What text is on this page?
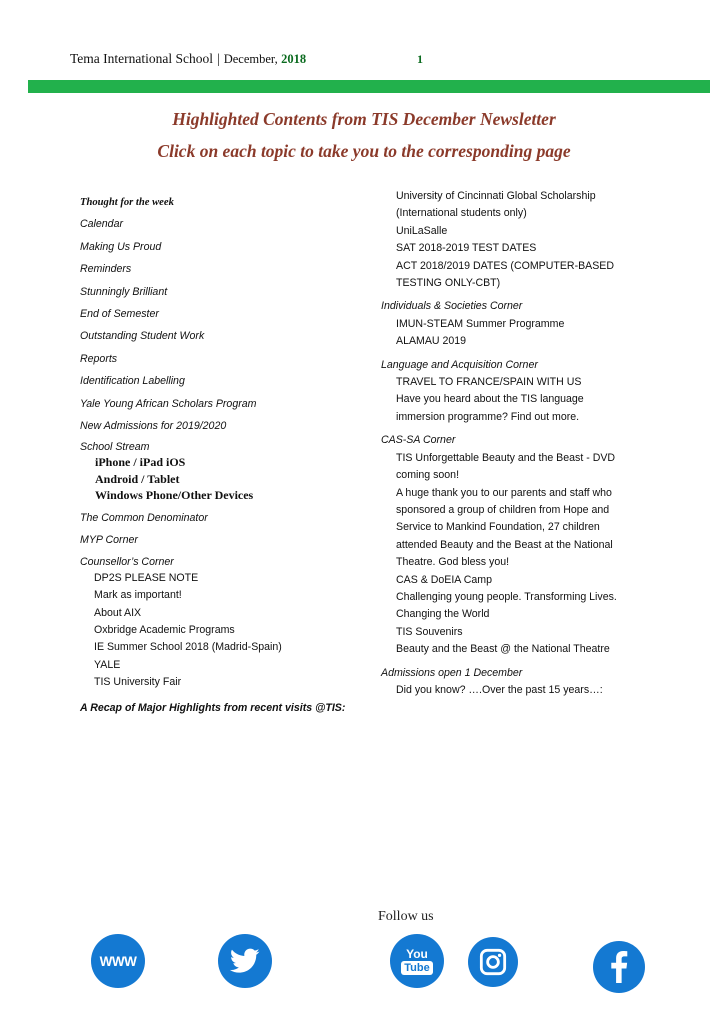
Tema International School | December, 2018	1
Highlighted Contents from TIS December Newsletter
Click on each topic to take you to the corresponding page
Thought for the week
Calendar
Making Us Proud
Reminders
Stunningly Brilliant
End of Semester
Outstanding Student Work
Reports
Identification Labelling
Yale Young African Scholars Program
New Admissions for 2019/2020
School Stream
iPhone / iPad iOS
Android / Tablet
Windows Phone/Other Devices
The Common Denominator
MYP Corner
Counsellor’s Corner
DP2S PLEASE NOTE
Mark as important!
About AIX
Oxbridge Academic Programs
IE Summer School 2018 (Madrid-Spain)
YALE
TIS University Fair
A Recap of Major Highlights from recent visits @TIS:
University of Cincinnati Global Scholarship
(International students only)
UniLaSalle
SAT 2018-2019 TEST DATES
ACT 2018/2019 DATES (COMPUTER-BASED
TESTING ONLY-CBT)
Individuals & Societies Corner
IMUN-STEAM Summer Programme
ALAMAU 2019
Language and Acquisition Corner
TRAVEL TO FRANCE/SPAIN WITH US
Have you heard about the TIS language
immersion programme? Find out more.
CAS-SA Corner
TIS Unforgettable Beauty and the Beast - DVD
coming soon!
A huge thank you to our parents and staff who
sponsored a group of children from Hope and
Service to Mankind Foundation, 27 children
attended Beauty and the Beast at the National
Theatre. God bless you!
CAS & DoEIA Camp
Challenging young people. Transforming Lives.
Changing the World
TIS Souvenirs
Beauty and the Beast @ the National Theatre
Admissions open 1 December
Did you know? ….Over the past 15 years…:
Follow us
WWW	You
Tube
